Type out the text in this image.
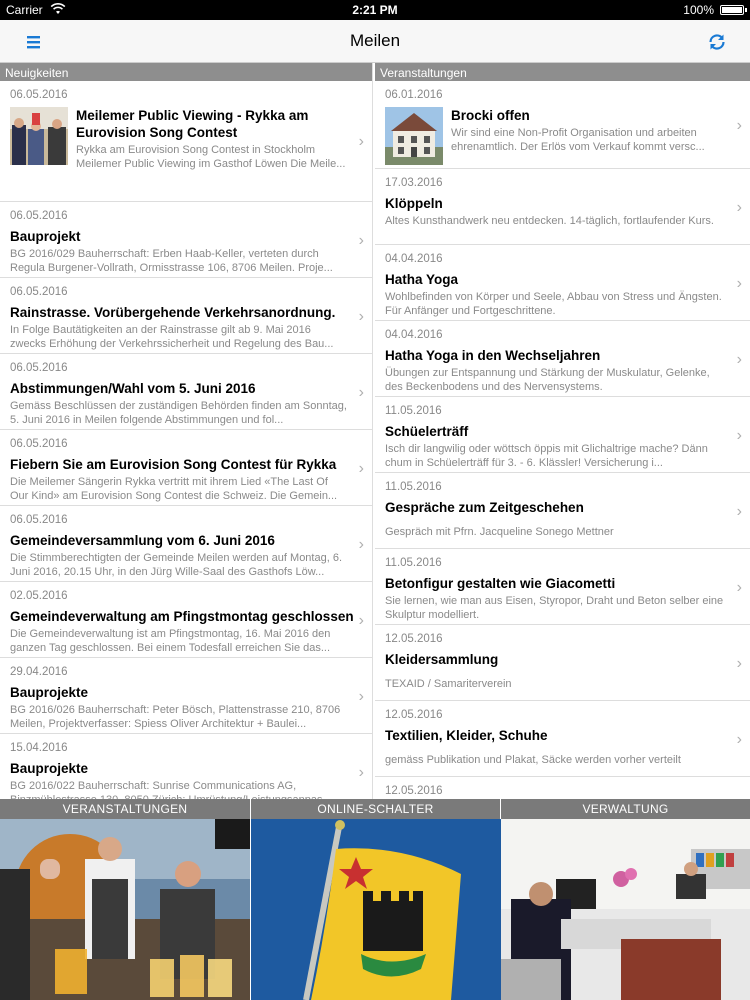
Carrier	2:21 PM	100%
Meilen
Neuigkeiten
06.05.2016
Meilemer Public Viewing - Rykka am Eurovision Song Contest
Rykka am Eurovision Song Contest in Stockholm Meilemer Public Viewing im Gasthof Löwen Die Meile...
›
06.05.2016
Bauprojekt
BG 2016/029 Bauherrschaft: Erben Haab-Keller, verteten durch Regula Burgener-Vollrath, Ormisstrasse 106, 8706 Meilen. Proje...
›
06.05.2016
Rainstrasse. Vorübergehende Verkehrsanordnung.
In Folge Bautätigkeiten an der Rainstrasse gilt ab 9. Mai 2016 zwecks Erhöhung der Verkehrssicherheit und Regelung des Bau...
›
06.05.2016
Abstimmungen/Wahl vom 5. Juni 2016
Gemäss Beschlüssen der zuständigen Behörden finden am Sonntag, 5. Juni 2016 in Meilen folgende Abstimmungen und fol...
›
06.05.2016
Fiebern Sie am Eurovision Song Contest für Rykka
Die Meilemer Sängerin Rykka vertritt mit ihrem Lied «The Last Of Our Kind» am Eurovision Song Contest die Schweiz. Die Gemein...
›
06.05.2016
Gemeindeversammlung vom 6. Juni 2016
Die Stimmberechtigten der Gemeinde Meilen werden auf Montag, 6. Juni 2016, 20.15 Uhr, in den Jürg Wille-Saal des Gasthofs Löw...
›
02.05.2016
Gemeindeverwaltung am Pfingstmontag geschlossen
Die Gemeindeverwaltung ist am Pfingstmontag, 16. Mai 2016 den ganzen Tag geschlossen. Bei einem Todesfall erreichen Sie das...
›
29.04.2016
Bauprojekte
BG 2016/026 Bauherrschaft: Peter Bösch, Plattenstrasse 210, 8706 Meilen, Projektverfasser: Spiess Oliver Architektur + Baulei...
›
15.04.2016
Bauprojekte
BG 2016/022 Bauherrschaft: Sunrise Communications AG,
›
Veranstaltungen
06.01.2016
Brocki offen
Wir sind eine Non-Profit Organisation und arbeiten ehrenamtlich. Der Erlös vom Verkauf kommt versc...
›
17.03.2016
Klöppeln
Altes Kunsthandwerk neu entdecken. 14-täglich, fortlaufender Kurs.
›
04.04.2016
Hatha Yoga
Wohlbefinden von Körper und Seele, Abbau von Stress und Ängsten. Für Anfänger und Fortgeschrittene.
›
04.04.2016
Hatha Yoga in den Wechseljahren
Übungen zur Entspannung und Stärkung der Muskulatur, Gelenke, des Beckenbodens und des Nervensystems.
›
11.05.2016
Schüelerträff
Isch dir langwilig oder wöttsch öppis mit Glichaltrige mache? Dänn chum in Schüelerträff für 3. - 6. Klässler! Versicherung i...
›
11.05.2016
Gespräche zum Zeitgeschehen
Gespräch mit Pfrn. Jacqueline Sonego Mettner
›
11.05.2016
Betonfigur gestalten wie Giacometti
Sie lernen, wie man aus Eisen, Styropor, Draht und Beton selber eine Skulptur modelliert.
›
12.05.2016
Kleidersammlung
TEXAID / Samariterverein
›
12.05.2016
Textilien, Kleider, Schuhe
gemäss Publikation und Plakat, Säcke werden vorher verteilt
›
12.05.2016
VERANSTALTUNGEN	ONLINE-SCHALTER	VERWALTUNG
